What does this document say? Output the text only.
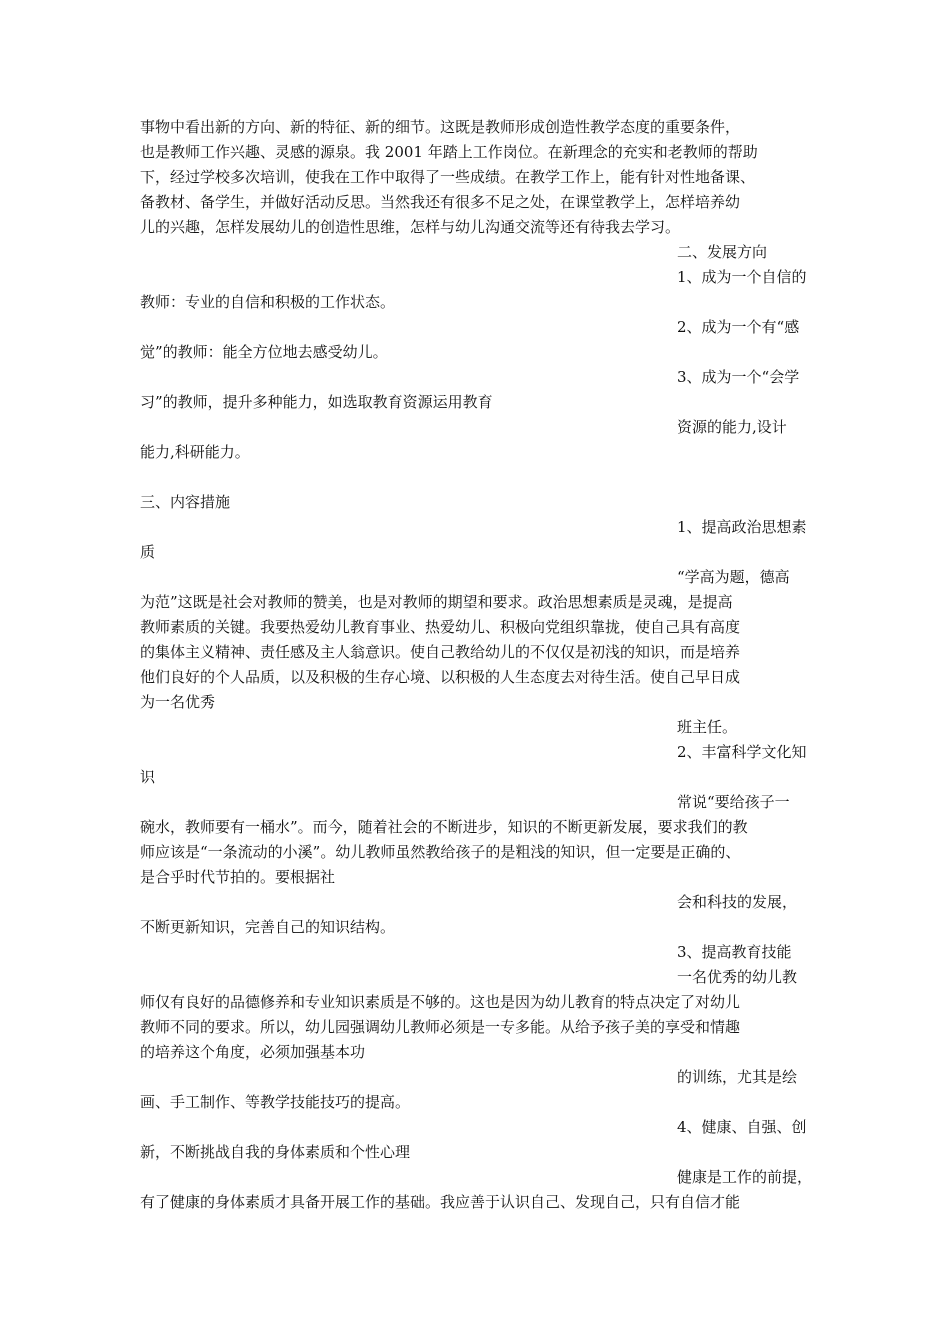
事物中看出新的方向、新的特征、新的细节。这既是教师形成创造性教学态度的重要条件，
也是教师工作兴趣、灵感的源泉。我 2001 年踏上工作岗位。在新理念的充实和老教师的帮助
下，经过学校多次培训，使我在工作中取得了一些成绩。在教学工作上，能有针对性地备课、
备教材、备学生，并做好活动反思。当然我还有很多不足之处，在课堂教学上，怎样培养幼
儿的兴趣，怎样发展幼儿的创造性思维，怎样与幼儿沟通交流等还有待我去学习。
二、发展方向
1、成为一个自信的
教师：专业的自信和积极的工作状态。
2、成为一个有“感
觉”的教师：能全方位地去感受幼儿。
3、成为一个“会学
习”的教师，提升多种能力，如选取教育资源运用教育
资源的能力,设计
能力,科研能力。
三、内容措施
1、提高政治思想素
质
“学高为题，德高
为范”这既是社会对教师的赞美，也是对教师的期望和要求。政治思想素质是灵魂，是提高
教师素质的关键。我要热爱幼儿教育事业、热爱幼儿、积极向党组织靠拢，使自己具有高度
的集体主义精神、责任感及主人翁意识。使自己教给幼儿的不仅仅是初浅的知识，而是培养
他们良好的个人品质，以及积极的生存心境、以积极的人生态度去对待生活。使自己早日成
为一名优秀
班主任。
2、丰富科学文化知
识
常说“要给孩子一
碗水，教师要有一桶水”。而今，随着社会的不断进步，知识的不断更新发展，要求我们的教
师应该是“一条流动的小溪”。幼儿教师虽然教给孩子的是粗浅的知识，但一定要是正确的、
是合乎时代节拍的。要根据社
会和科技的发展，
不断更新知识，完善自己的知识结构。
3、提高教育技能
一名优秀的幼儿教
师仅有良好的品德修养和专业知识素质是不够的。这也是因为幼儿教育的特点决定了对幼儿
教师不同的要求。所以，幼儿园强调幼儿教师必须是一专多能。从给予孩子美的享受和情趣
的培养这个角度，必须加强基本功
的训练，尤其是绘
画、手工制作、等教学技能技巧的提高。
4、健康、自强、创
新，不断挑战自我的身体素质和个性心理
健康是工作的前提，
有了健康的身体素质才具备开展工作的基础。我应善于认识自己、发现自己，只有自信才能
